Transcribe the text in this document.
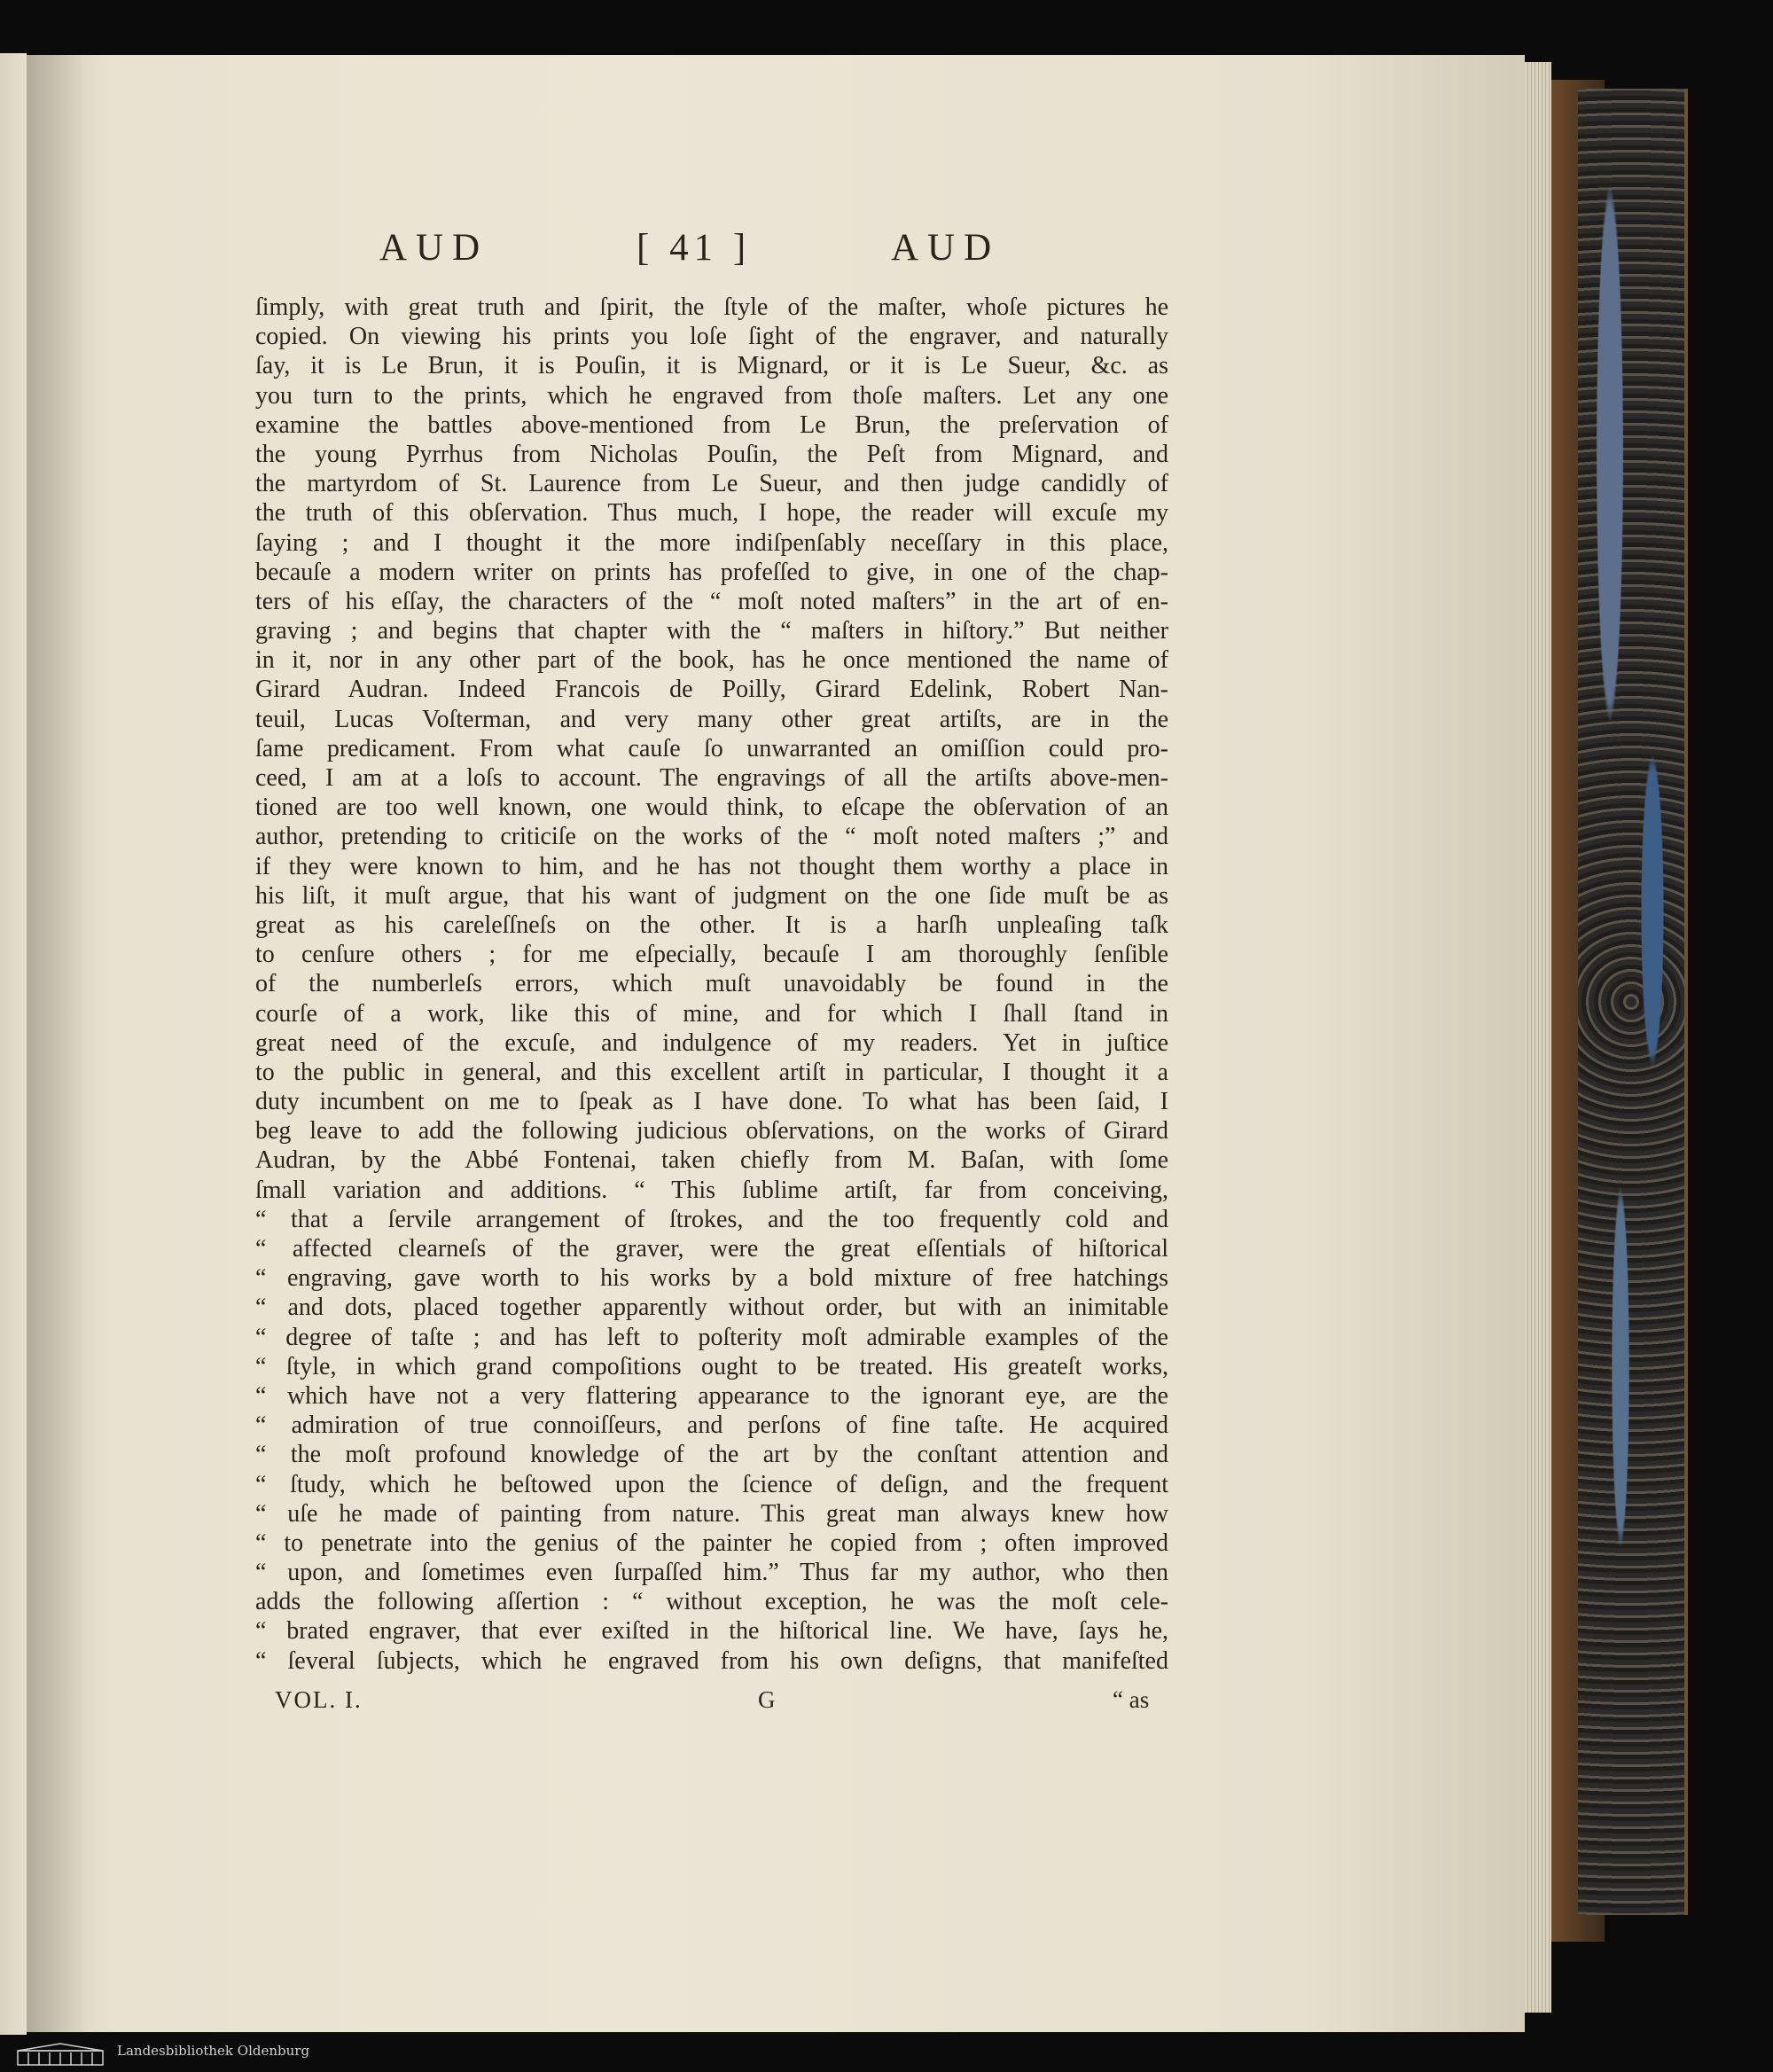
AUD	[ 41 ]	AUD
ſimply, with great truth and ſpirit, the ſtyle of the maſter, whoſe pictures he
copied. On viewing his prints you loſe ſight of the engraver, and naturally
ſay, it is Le Brun, it is Pouſin, it is Mignard, or it is Le Sueur, &c. as
you turn to the prints, which he engraved from thoſe maſters. Let any one
examine the battles above-mentioned from Le Brun, the preſervation of
the young Pyrrhus from Nicholas Pouſin, the Peſt from Mignard, and
the martyrdom of St. Laurence from Le Sueur, and then judge candidly of
the truth of this obſervation. Thus much, I hope, the reader will excuſe my
ſaying ; and I thought it the more indiſpenſably neceſſary in this place,
becauſe a modern writer on prints has profeſſed to give, in one of the chap-
ters of his eſſay, the characters of the “ moſt noted maſters” in the art of en-
graving ; and begins that chapter with the “ maſters in hiſtory.” But neither
in it, nor in any other part of the book, has he once mentioned the name of
Girard Audran. Indeed Francois de Poilly, Girard Edelink, Robert Nan-
teuil, Lucas Voſterman, and very many other great artiſts, are in the
ſame predicament. From what cauſe ſo unwarranted an omiſſion could pro-
ceed, I am at a loſs to account. The engravings of all the artiſts above-men-
tioned are too well known, one would think, to eſcape the obſervation of an
author, pretending to criticiſe on the works of the “ moſt noted maſters ;” and
if they were known to him, and he has not thought them worthy a place in
his liſt, it muſt argue, that his want of judgment on the one ſide muſt be as
great as his careleſſneſs on the other. It is a harſh unpleaſing taſk
to cenſure others ; for me eſpecially, becauſe I am thoroughly ſenſible
of the numberleſs errors, which muſt unavoidably be found in the
courſe of a work, like this of mine, and for which I ſhall ſtand in
great need of the excuſe, and indulgence of my readers. Yet in juſtice
to the public in general, and this excellent artiſt in particular, I thought it a
duty incumbent on me to ſpeak as I have done. To what has been ſaid, I
beg leave to add the following judicious obſervations, on the works of Girard
Audran, by the Abbé Fontenai, taken chiefly from M. Baſan, with ſome
ſmall variation and additions. “ This ſublime artiſt, far from conceiving,
“ that a ſervile arrangement of ſtrokes, and the too frequently cold and
“ affected clearneſs of the graver, were the great eſſentials of hiſtorical
“ engraving, gave worth to his works by a bold mixture of free hatchings
“ and dots, placed together apparently without order, but with an inimitable
“ degree of taſte ; and has left to poſterity moſt admirable examples of the
“ ſtyle, in which grand compoſitions ought to be treated. His greateſt works,
“ which have not a very flattering appearance to the ignorant eye, are the
“ admiration of true connoiſſeurs, and perſons of fine taſte. He acquired
“ the moſt profound knowledge of the art by the conſtant attention and
“ ſtudy, which he beſtowed upon the ſcience of deſign, and the frequent
“ uſe he made of painting from nature. This great man always knew how
“ to penetrate into the genius of the painter he copied from ; often improved
“ upon, and ſometimes even ſurpaſſed him.” Thus far my author, who then
adds the following aſſertion : “ without exception, he was the moſt cele-
“ brated engraver, that ever exiſted in the hiſtorical line. We have, ſays he,
“ ſeveral ſubjects, which he engraved from his own deſigns, that manifeſted
VOL. I.	G	“ as
Landesbibliothek Oldenburg
